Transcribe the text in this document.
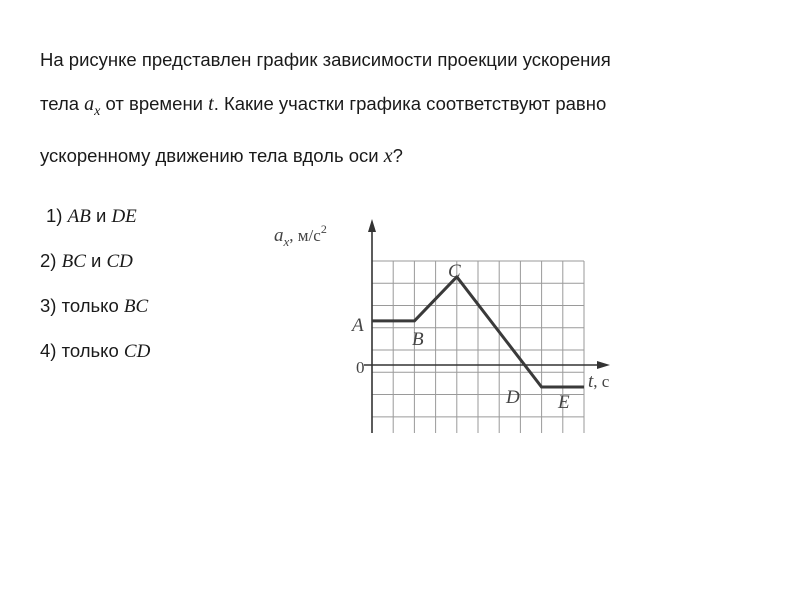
На рисунке представлен график зависимости проекции ускорения
тела $a_x$ от времени t. Какие участки графика соответствуют равно
ускоренному движению тела вдоль оси x?

1) AB и DE
2) BC и CD
3) только BC
4) только CD
$a_x$, $м/с^2$
t, с
0
A
B
C
D E
